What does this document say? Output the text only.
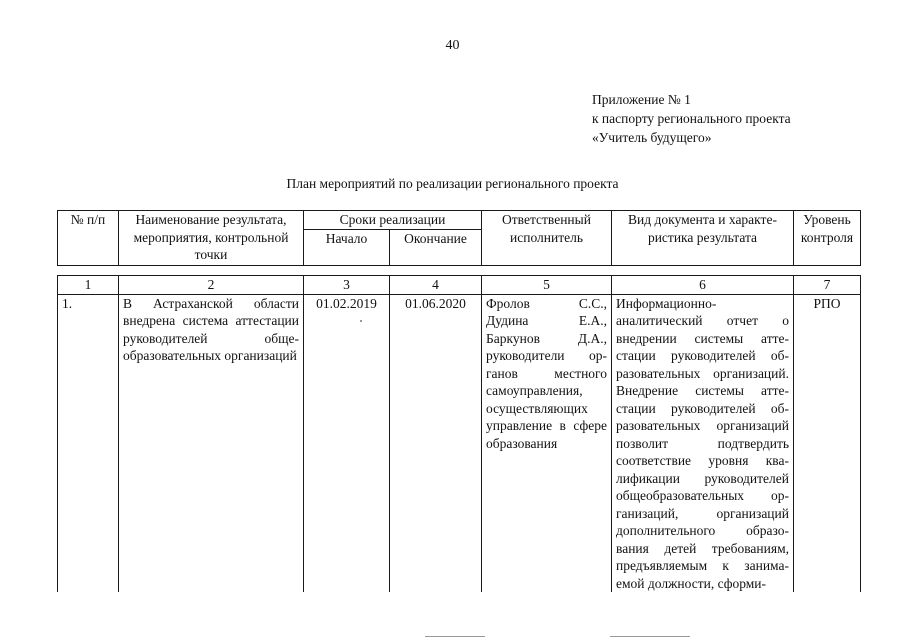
40
Приложение № 1
к паспорту регионального проекта
«Учитель будущего»
План мероприятий по реализации регионального проекта
№ п/п	Наименование результата, мероприятия, контрольной точки	Сроки реализации		Ответственный исполнитель	Вид документа и характеристика результата	Уровень контроля
		Начало	Окончание			
1	2	3	4	5	6	7
1.	В Астраханской области внедрена система аттестации руководителей общеобразовательных организаций	01.02.2019	01.06.2020	Фролов С.С., Дудина Е.А., Баркунов Д.А., руководители органов местного самоуправления, осуществляющих управление в сфере образования	Информационно-аналитический отчет о внедрении системы аттестации руководителей образовательных организаций. Внедрение системы аттестации руководителей образовательных организаций позволит подтвердить соответствие уровня квалификации руководителей общеобразовательных организаций, организаций дополнительного образования детей требованиям, предъявляемым к занимаемой должности, сформи-	РПО
